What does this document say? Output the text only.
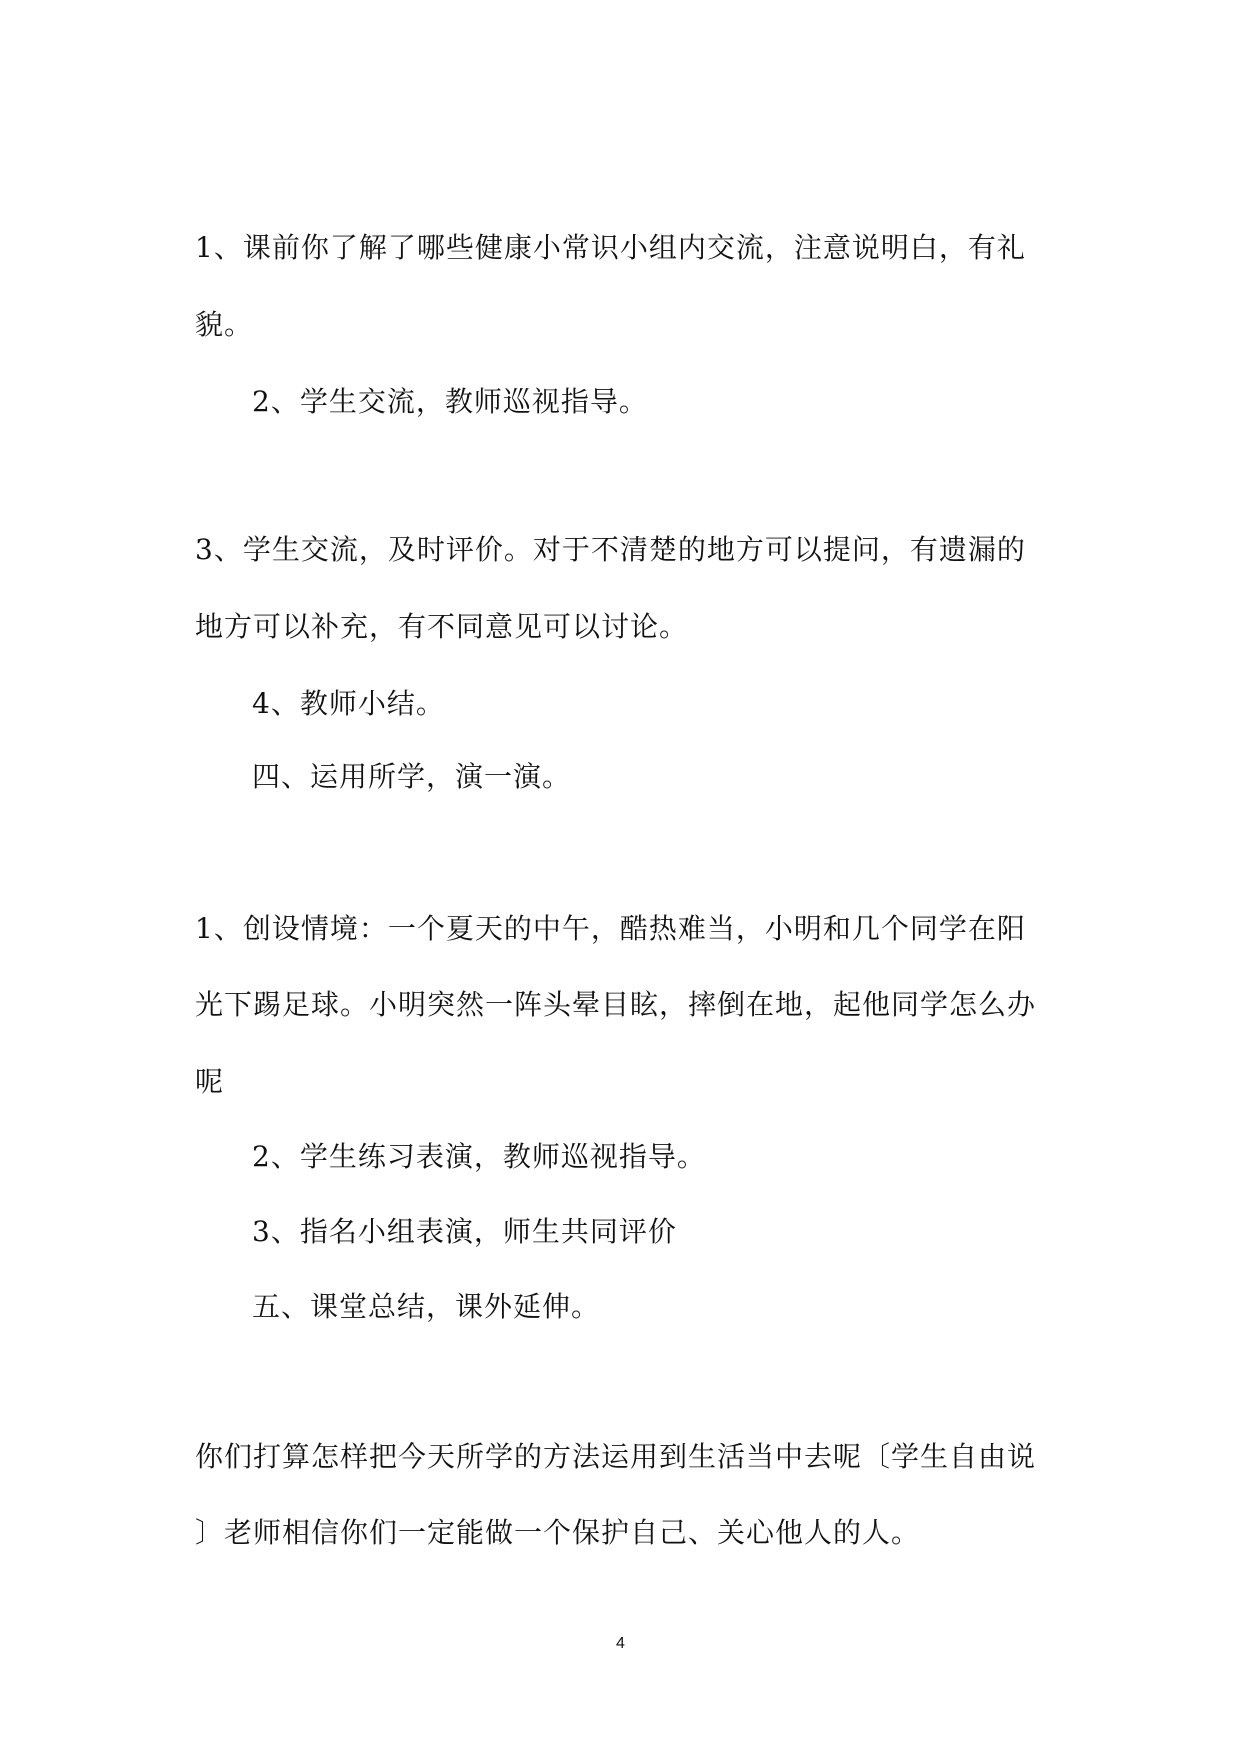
1、课前你了解了哪些健康小常识小组内交流，注意说明白，有礼
貌。
2、学生交流，教师巡视指导。
3、学生交流，及时评价。对于不清楚的地方可以提问，有遗漏的
地方可以补充，有不同意见可以讨论。
4、教师小结。
四、运用所学，演一演。
1、创设情境：一个夏天的中午，酷热难当，小明和几个同学在阳
光下踢足球。小明突然一阵头晕目眩，摔倒在地，起他同学怎么办
呢
2、学生练习表演，教师巡视指导。
3、指名小组表演，师生共同评价
五、课堂总结，课外延伸。
你们打算怎样把今天所学的方法运用到生活当中去呢〔学生自由说
〕老师相信你们一定能做一个保护自己、关心他人的人。
4
